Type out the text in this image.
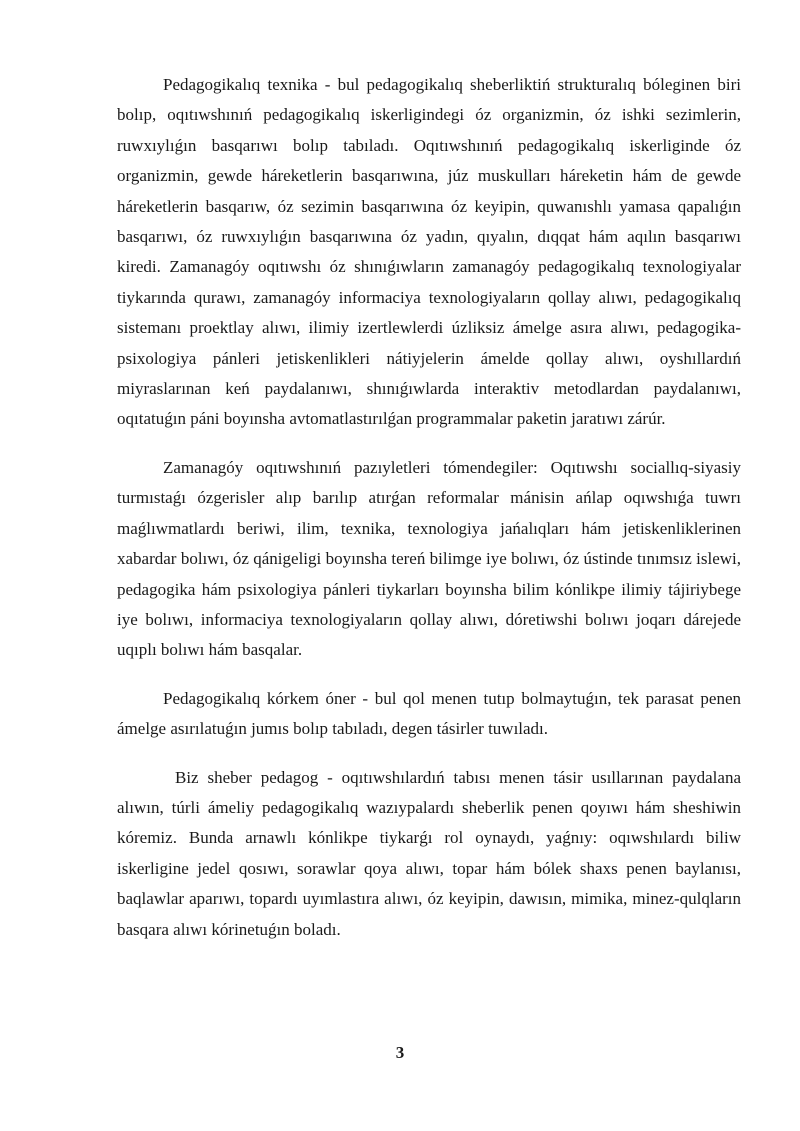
Pedagogikalıq texnika - bul pedagogikalıq sheberliktiń strukturalıq bóleginen biri bolıp, oqıtıwshınıń pedagogikalıq iskerligindegi óz organizmin, óz ishki sezimlerin, ruwxıylıǵın basqarıwı bolıp tabıladı. Oqıtıwshınıń pedagogikalıq iskerliginde óz organizmin, gewde háreketlerin basqarıwına, júz muskulları háreketin hám de gewde háreketlerin basqarıw, óz sezimin basqarıwına óz keyipin, quwanıshlı yamasa qapalıǵın basqarıwı, óz ruwxıylıǵın basqarıwına óz yadın, qıyalın, dıqqat hám aqılın basqarıwı kiredi. Zamanagóy oqıtıwshı óz shınıǵıwların zamanagóy pedagogikalıq texnologiyalar tiykarında qurawı, zamanagóy informaciya texnologiyaların qollay alıwı, pedagogikalıq sistemanı proektlay alıwı, ilimiy izertlewlerdi úzliksiz ámelge asıra alıwı, pedagogika-psixologiya pánleri jetiskenlikleri nátiyjelerin ámelde qollay alıwı, oyshıllardıń miyraslarınan keń paydalanıwı, shınıǵıwlarda interaktiv metodlardan paydalanıwı, oqıtatuǵın páni boyınsha avtomatlastırılǵan programmalar paketin jaratıwı zárúr.

Zamanagóy oqıtıwshınıń pazıyletleri tómendegiler: Oqıtıwshı sociallıq-siyasiy turmıstaǵı ózgerisler alıp barılıp atırǵan reformalar mánisin ańlap oqıwshıǵa tuwrı maǵlıwmatlardı beriwi, ilim, texnika, texnologiya jańalıqları hám jetiskenliklerinen xabardar bolıwı, óz qánigeligi boyınsha tereń bilimge iye bolıwı, óz ústinde tınımsız islewi, pedagogika hám psixologiya pánleri tiykarları boyınsha bilim kónlikpe ilimiy tájiriybege iye bolıwı, informaciya texnologiyaların qollay alıwı, dóretiwshi bolıwı joqarı dárejede uqıplı bolıwı hám basqalar.

Pedagogikalıq kórkem óner - bul qol menen tutıp bolmaytuǵın, tek parasat penen ámelge asırılatuǵın jumıs bolıp tabıladı, degen tásirler tuwıladı.

Biz sheber pedagog - oqıtıwshılardıń tabısı menen tásir usıllarınan paydalana alıwın, túrli ámeliy pedagogikalıq wazıypalardı sheberlik penen qoyıwı hám sheshiwin kóremiz. Bunda arnawlı kónlikpe tiykarǵı rol oynaydı, yaǵnıy: oqıwshılardı biliw iskerligine jedel qosıwı, sorawlar qoya alıwı, topar hám bólek shaxs penen baylanısı, baqlawlar aparıwı, topardı uyımlastıra alıwı, óz keyipin, dawısın, mimika, minez-qulqların basqara alıwı kórinetuǵın boladı.

3
